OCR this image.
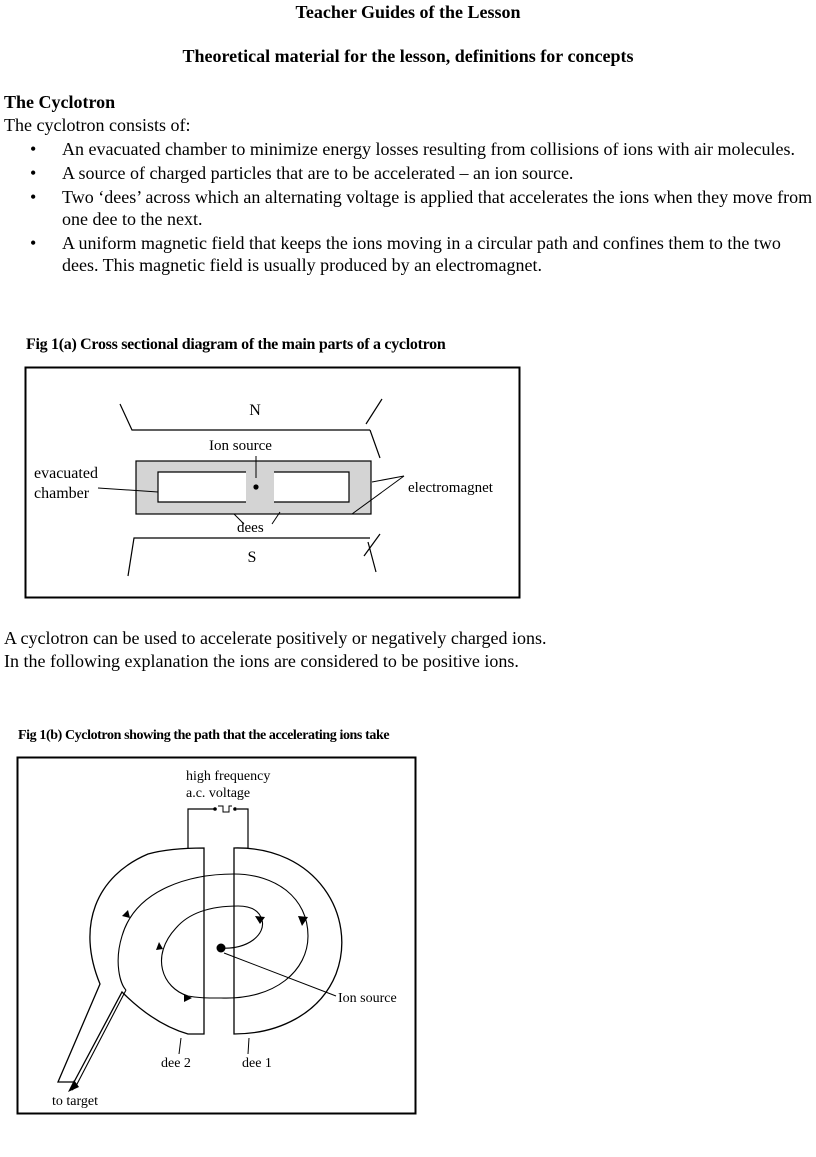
Teacher Guides of the Lesson
Theoretical material for the lesson, definitions for concepts
The Cyclotron
The cyclotron consists of:
• An evacuated chamber to minimize energy losses resulting from collisions of ions with air molecules.
• A source of charged particles that are to be accelerated – an ion source.
• Two ‘dees’ across which an alternating voltage is applied that accelerates the ions when they move from one dee to the next.
• A uniform magnetic field that keeps the ions moving in a circular path and confines them to the two dees. This magnetic field is usually produced by an electromagnet.
Fig 1(a) Cross sectional diagram of the main parts of a cyclotron
N
Ion source
evacuated
chamber	electromagnet
dees
S
A cyclotron can be used to accelerate positively or negatively charged ions.
In the following explanation the ions are considered to be positive ions.
Fig 1(b) Cyclotron showing the path that the accelerating ions take
high frequency
a.c. voltage
Ion source
dee 2	dee 1
to target
